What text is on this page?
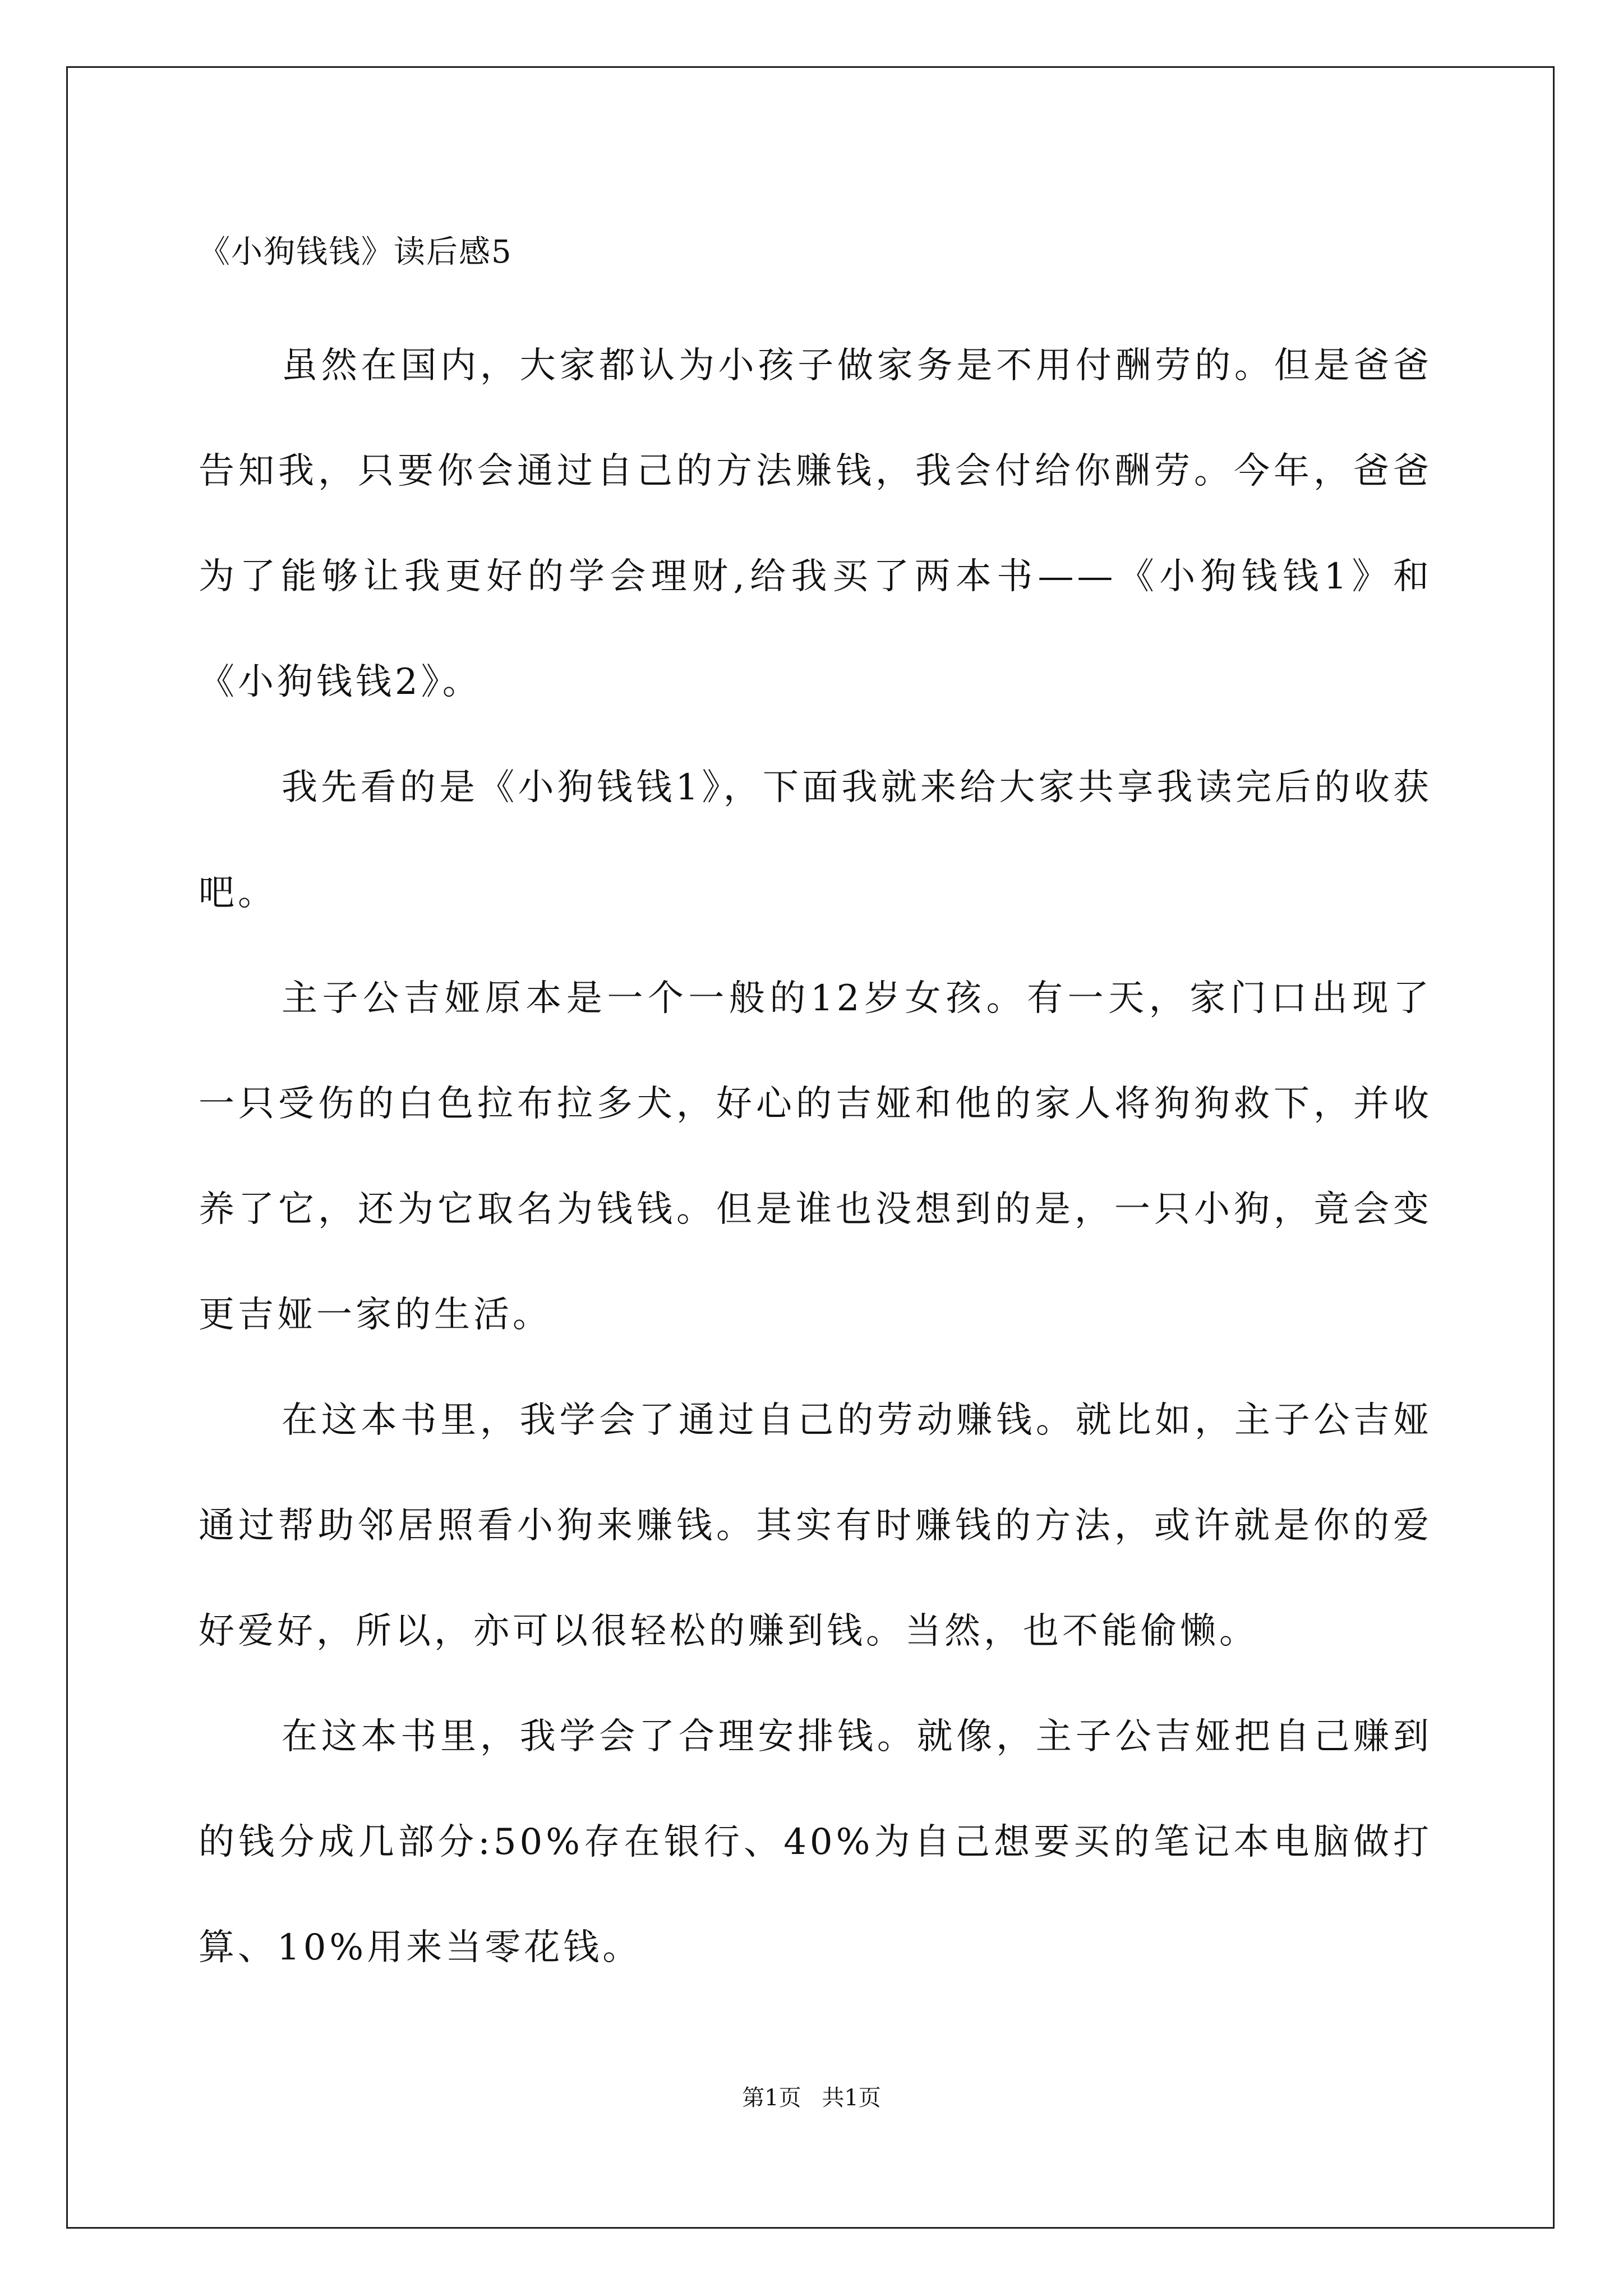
《小狗钱钱》读后感5

虽然在国内，大家都认为小孩子做家务是不用付酬劳的。但是爸爸告知我，只要你会通过自己的方法赚钱，我会付给你酬劳。今年，爸爸为了能够让我更好的学会理财,给我买了两本书——《小狗钱钱1》和《小狗钱钱2》。

我先看的是《小狗钱钱1》，下面我就来给大家共享我读完后的收获吧。

主子公吉娅原本是一个一般的12岁女孩。有一天，家门口出现了一只受伤的白色拉布拉多犬，好心的吉娅和他的家人将狗狗救下，并收养了它，还为它取名为钱钱。但是谁也没想到的是，一只小狗，竟会变更吉娅一家的生活。

在这本书里，我学会了通过自己的劳动赚钱。就比如，主子公吉娅通过帮助邻居照看小狗来赚钱。其实有时赚钱的方法，或许就是你的爱好爱好，所以，亦可以很轻松的赚到钱。当然，也不能偷懒。

在这本书里，我学会了合理安排钱。就像，主子公吉娅把自己赚到的钱分成几部分:50%存在银行、40%为自己想要买的笔记本电脑做打算、10%用来当零花钱。

第1页 共1页
